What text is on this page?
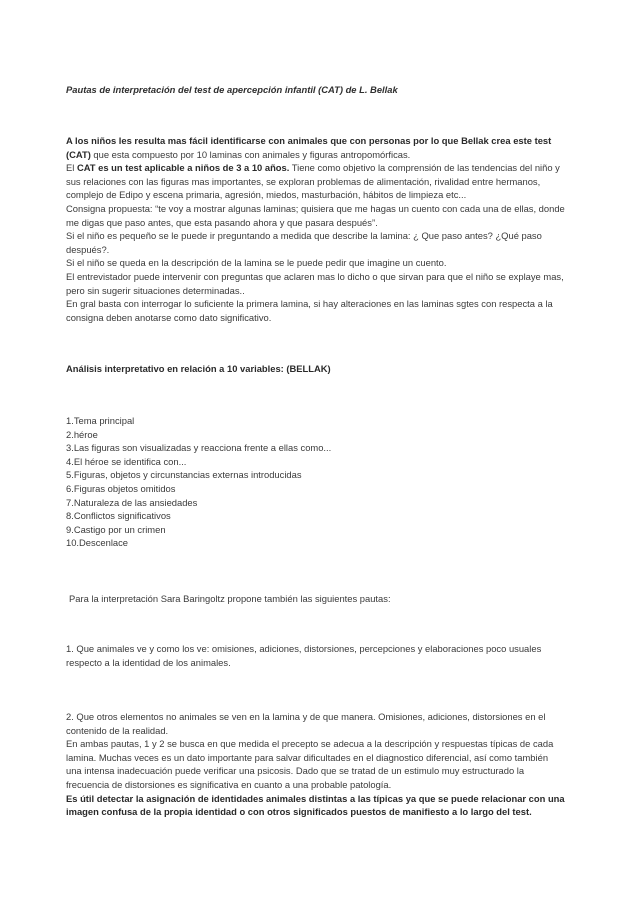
Pautas de interpretación del test de apercepción infantil (CAT) de L. Bellak

A los niños les resulta mas fácil identificarse con animales que con personas por lo que Bellak crea este test (CAT) que esta compuesto por 10 laminas con animales y figuras antropomórficas.

El CAT es un test aplicable a niños de 3 a 10 años. Tiene como objetivo la comprensión de las tendencias del niño y sus relaciones con las figuras mas importantes, se exploran problemas de alimentación, rivalidad entre hermanos, complejo de Edipo y escena primaria, agresión, miedos, masturbación, hábitos de limpieza etc...

Consigna propuesta: “te voy a mostrar algunas laminas; quisiera que me hagas un cuento con cada una de ellas, donde me digas que paso antes, que esta pasando ahora y que pasara después”.

Si el niño es pequeño se le puede ir preguntando a medida que describe la lamina: ¿ Que paso antes? ¿Qué paso después?.

Si el niño se queda en la descripción de la lamina se le puede pedir que imagine un cuento.

El entrevistador puede intervenir con preguntas que aclaren mas lo dicho o que sirvan para que el niño se explaye mas, pero sin sugerir situaciones determinadas..

En gral basta con interrogar lo suficiente la primera lamina, si hay alteraciones en las laminas sgtes con respecta a la consigna deben anotarse como dato significativo.

Análisis interpretativo en relación a 10 variables: (BELLAK)

1.Tema principal

2.héroe

3.Las figuras son visualizadas y reacciona frente a ellas como...

4.El héroe se identifica con...

5.Figuras, objetos y circunstancias externas introducidas

6.Figuras objetos omitidos

7.Naturaleza de las ansiedades

8.Conflictos significativos

9.Castigo por un crimen

10.Descenlace

Para la interpretación Sara Baringoltz propone también las siguientes pautas:

1. Que animales ve y como los ve: omisiones, adiciones, distorsiones, percepciones y elaboraciones poco usuales respecto a la identidad de los animales.

2. Que otros elementos no animales se ven en la lamina y de que manera. Omisiones, adiciones, distorsiones en el contenido de la realidad.

En ambas pautas, 1 y 2 se busca en que medida el precepto se adecua a la descripción y respuestas típicas de cada lamina. Muchas veces es un dato importante para salvar dificultades en el diagnostico diferencial, así como también una intensa inadecuación puede verificar una psicosis. Dado que se tratad de un estimulo muy estructurado la frecuencia de distorsiones es significativa en cuanto a una probable patología.

Es útil detectar la asignación de identidades animales distintas a las típicas ya que se puede relacionar con una imagen confusa de la propia identidad o con otros significados puestos de manifiesto a lo largo del test.
